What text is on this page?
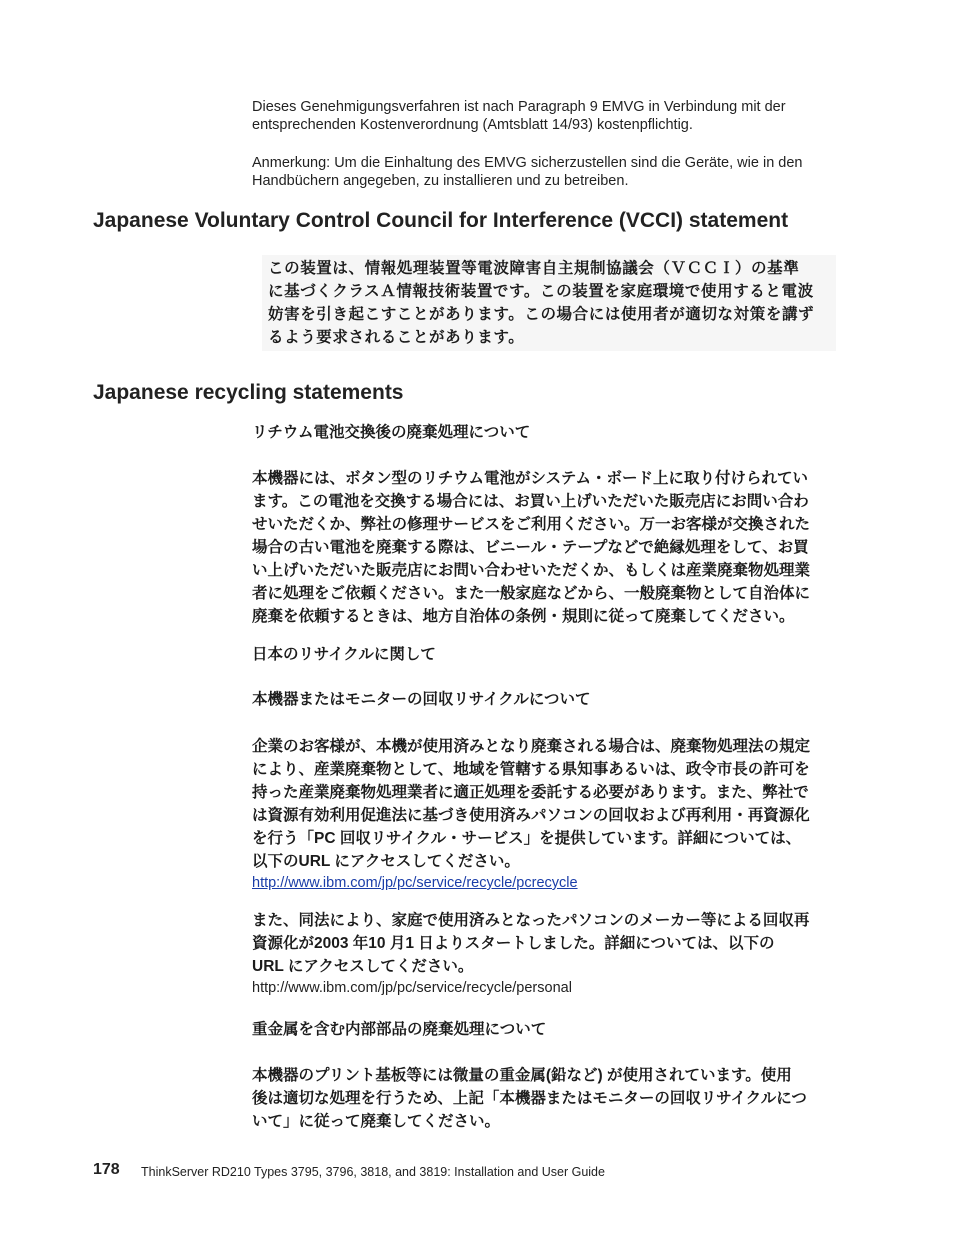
Dieses Genehmigungsverfahren ist nach Paragraph 9 EMVG in Verbindung mit der entsprechenden Kostenverordnung (Amtsblatt 14/93) kostenpflichtig.

Anmerkung: Um die Einhaltung des EMVG sicherzustellen sind die Geräte, wie in den Handbüchern angegeben, zu installieren und zu betreiben.

Japanese Voluntary Control Council for Interference (VCCI) statement

この装置は、情報処理装置等電波障害自主規制協議会（ＶＣＣＩ）の基準

に基づくクラスＡ情報技術装置です。この装置を家庭環境で使用すると電波

妨害を引き起こすことがあります。この場合には使用者が適切な対策を講ず

るよう要求されることがあります。

Japanese recycling statements

リチウム電池交換後の廃棄処理について

本機器には、ボタン型のリチウム電池がシステム・ボード上に取り付けられてい

ます。この電池を交換する場合には、お買い上げいただいた販売店にお問い合わ

せいただくか、弊社の修理サービスをご利用ください。万一お客様が交換された

場合の古い電池を廃棄する際は、ビニール・テープなどで絶縁処理をして、お買

い上げいただいた販売店にお問い合わせいただくか、もしくは産業廃棄物処理業

者に処理をご依頼ください。また一般家庭などから、一般廃棄物として自治体に

廃棄を依頼するときは、地方自治体の条例・規則に従って廃棄してください。

日本のリサイクルに関して

本機器またはモニターの回収リサイクルについて

企業のお客様が、本機が使用済みとなり廃棄される場合は、廃棄物処理法の規定

により、産業廃棄物として、地域を管轄する県知事あるいは、政令市長の許可を

持った産業廃棄物処理業者に適正処理を委託する必要があります。また、弊社で

は資源有効利用促進法に基づき使用済みパソコンの回収および再利用・再資源化

を行う「PC 回収リサイクル・サービス」を提供しています。詳細については、

以下のURL にアクセスしてください。

http://www.ibm.com/jp/pc/service/recycle/pcrecycle

また、同法により、家庭で使用済みとなったパソコンのメーカー等による回収再

資源化が2003 年10 月1 日よりスタートしました。詳細については、以下の

URL にアクセスしてください。

http://www.ibm.com/jp/pc/service/recycle/personal

重金属を含む内部部品の廃棄処理について

本機器のプリント基板等には微量の重金属(鉛など) が使用されています。使用

後は適切な処理を行うため、上記「本機器またはモニターの回収リサイクルにつ

いて」に従って廃棄してください。

178 ThinkServer RD210 Types 3795, 3796, 3818, and 3819: Installation and User Guide
